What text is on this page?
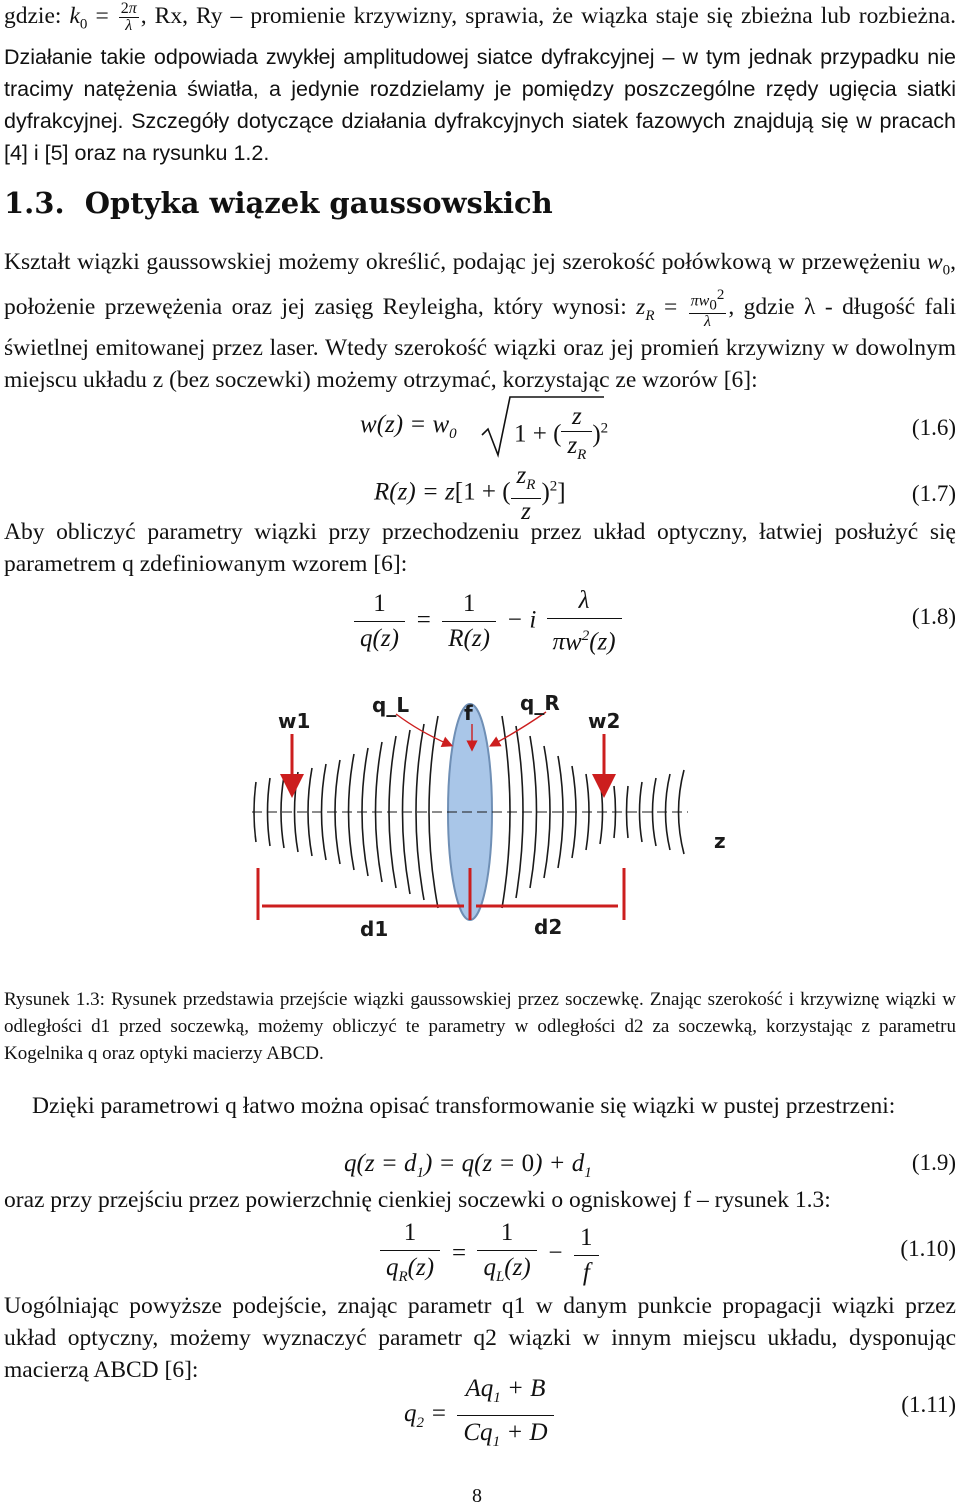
gdzie: $k_0 = \frac{2\pi}{\lambda}$ , Rx, Ry – promienie krzywizny, sprawia, że wiązka staje się zbieżna lub rozbieżna. Działanie takie odpowiada zwykłej amplitudowej siatce dyfrakcyjnej – w tym jednak przypadku nie tracimy natężenia światła, a jedynie rozdzielamy je pomiędzy poszczególne rzędy ugięcia siatki dyfrakcyjnej. Szczegóły dotyczące działania dyfrakcyjnych siatek fazowych znajdują się w pracach [4] i [5] oraz na rysunku 1.2.

1.3. Optyka wiązek gaussowskich

Kształt wiązki gaussowskiej możemy określić, podając jej szerokość połówkową w przewężeniu $w_0$, położenie przewężenia oraz jej zasięg Reyleigha, który wynosi: $z_R = \frac{\pi w_0^2}{\lambda}$ , gdzie λ - długość fali świetlnej emitowanej przez laser. Wtedy szerokość wiązki oraz jej promień krzywizny w dowolnym miejscu układu z (bez soczewki) możemy otrzymać, korzystając ze wzorów [6]:

$w(z) = w_0$ 1 + ( $\frac{z}{z_R} )^2$	(1.6)
R(z) = z[1 + ( $\frac{z_R}{z} )^2$]	(1.7)

Aby obliczyć parametry wiązki przy przechodzeniu przez układ optyczny, łatwiej posłużyć się parametrem q zdefiniowanym wzorem [6]:

$\frac{1}{q(z)} = \frac{1}{R(z)} - i \frac{\lambda}{\pi w^2(z)}$	(1.8)
w1
q_L	f q_R
w2
z
d1	d2
Rysunek 1.3: Rysunek przedstawia przejście wiązki gaussowskiej przez soczewkę. Znając szerokość i krzywiznę wiązki w odległości d1 przed soczewką, możemy obliczyć te parametry w odległości d2 za soczewką, korzystając z parametru Kogelnika q oraz optyki macierzy ABCD.

Dzięki parametrowi q łatwo można opisać transformowanie się wiązki w pustej przestrzeni:

$q(z = d_1) = q(z = 0) + d_1$	(1.9)

oraz przy przejściu przez powierzchnię cienkiej soczewki o ogniskowej f – rysunek 1.3:

$\frac{1}{q_R(z)} = \frac{1}{q_L(z)} - \frac{1}{f}$	(1.10)

Uogólniając powyższe podejście, znając parametr q1 w danym punkcie propagacji wiązki przez układ optyczny, możemy wyznaczyć parametr q2 wiązki w innym miejscu układu, dysponując macierzą ABCD [6]:

$q_2 = \frac{Aq_1 + B}{Cq_1 + D}$	(1.11)
8
